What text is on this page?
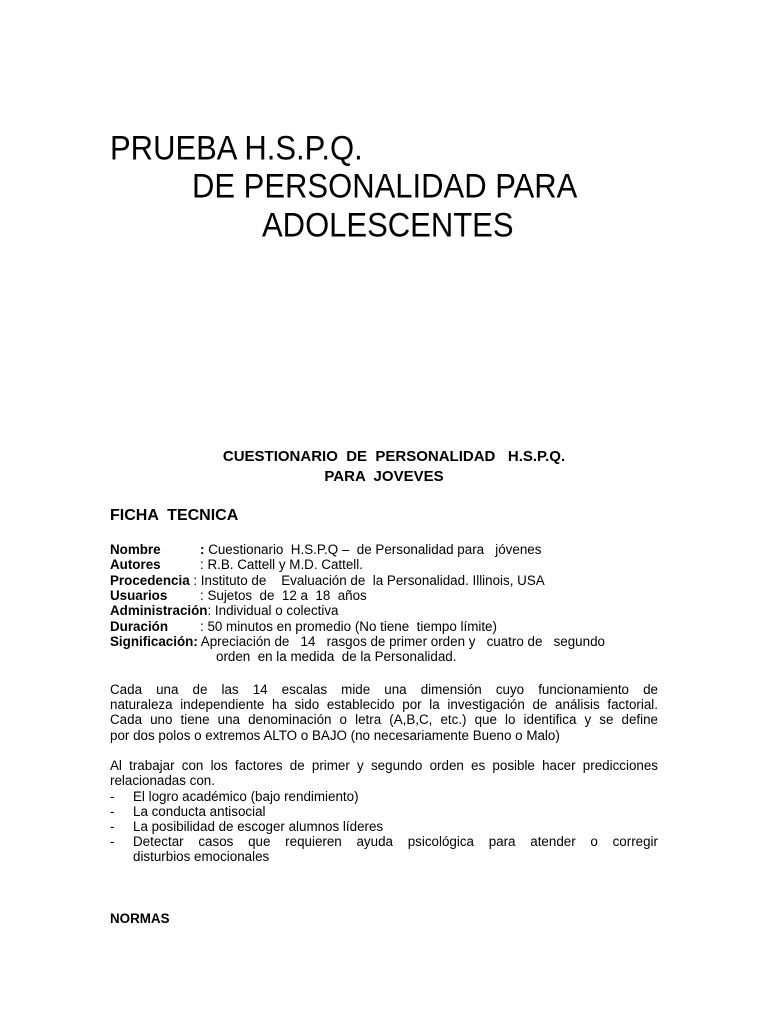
PRUEBA H.S.P.Q.
DE PERSONALIDAD PARA
ADOLESCENTES
CUESTIONARIO  DE  PERSONALIDAD   H.S.P.Q.
PARA  JOVEVES
FICHA  TECNICA
Nombre	: Cuestionario  H.S.P.Q –  de Personalidad para   jóvenes
Autores	: R.B. Cattell y M.D. Cattell.
Procedencia : Instituto de    Evaluación de  la Personalidad. Illinois, USA
Usuarios : Sujetos  de  12 a  18  años
Administración: Individual o colectiva
Duración : 50 minutos en promedio (No tiene  tiempo límite)
Significación: Apreciación de   14   rasgos de primer orden y   cuatro de   segundo
orden  en la medida  de la Personalidad.
Cada una de las 14 escalas mide una dimensión cuyo funcionamiento de
naturaleza independiente ha sido establecido por la investigación de análisis factorial.
Cada uno tiene una denominación o letra (A,B,C, etc.) que lo identifica y se define
por dos polos o extremos ALTO o BAJO (no necesariamente Bueno o Malo)
Al trabajar con los factores de primer y segundo orden es posible hacer predicciones
relacionadas con.
- El logro académico (bajo rendimiento)
- La conducta antisocial
- La posibilidad de escoger alumnos líderes
- Detectar casos que requieren ayuda psicológica para atender o corregir
disturbios emocionales
NORMAS
